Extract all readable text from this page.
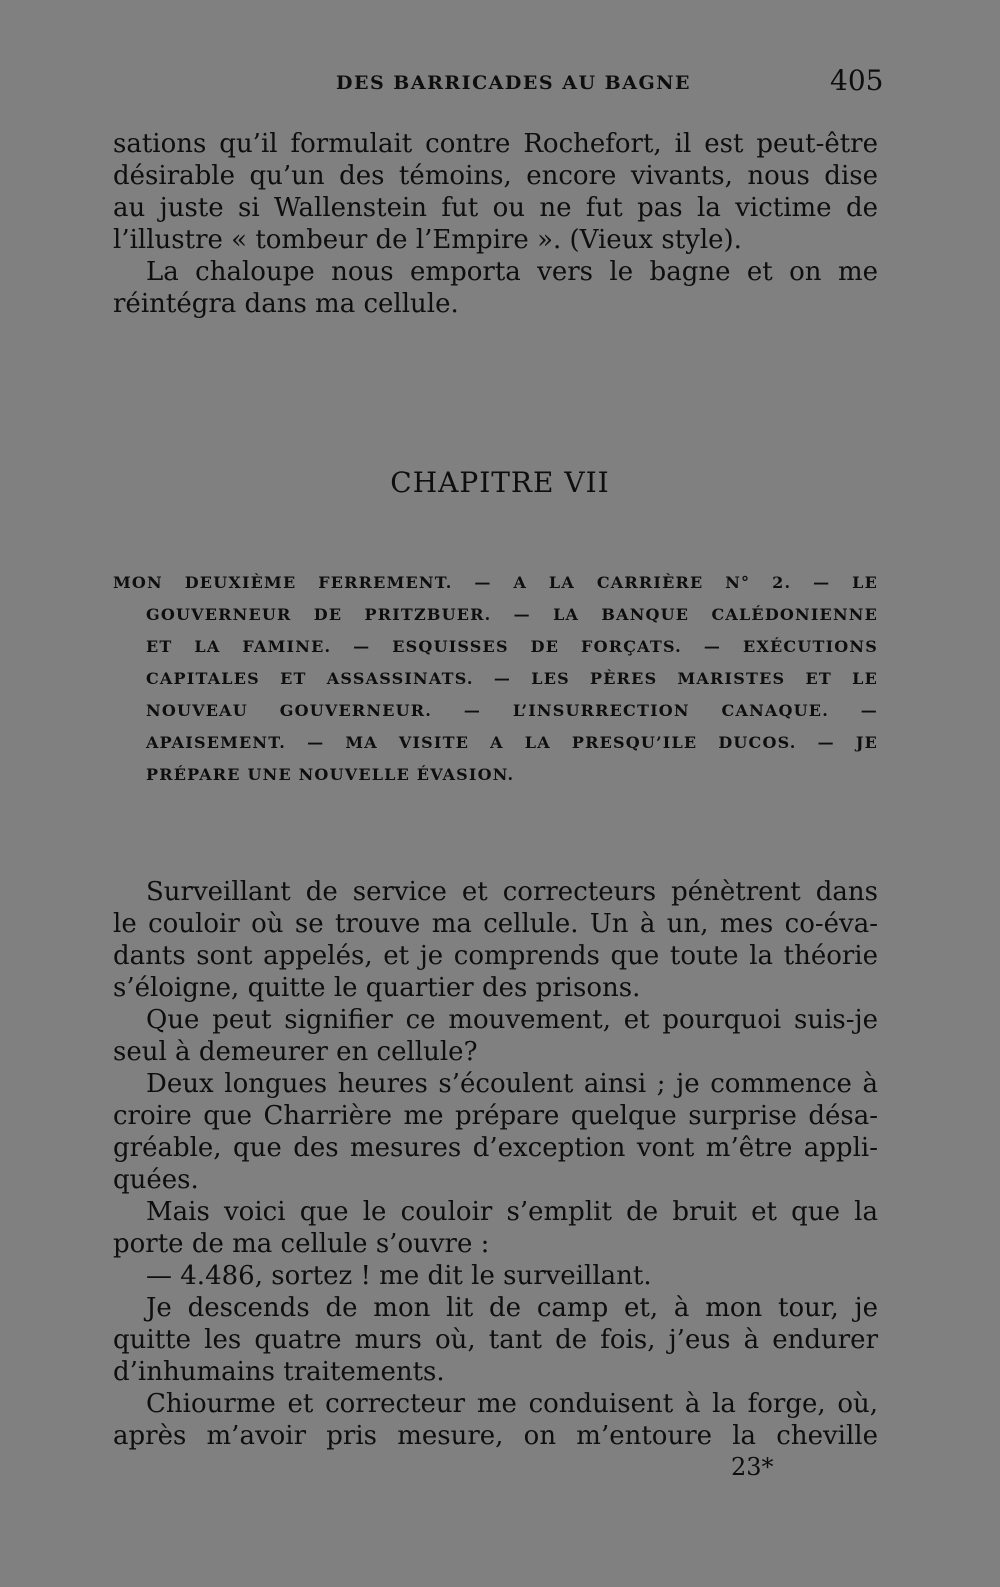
DES BARRICADES AU BAGNE	405
sations qu’il formulait contre Rochefort, il est peut-être
désirable qu’un des témoins, encore vivants, nous dise
au juste si Wallenstein fut ou ne fut pas la victime de
l’illustre « tombeur de l’Empire ». (Vieux style).
La chaloupe nous emporta vers le bagne et on me
réintégra dans ma cellule.
CHAPITRE VII
MON DEUXIÈME FERREMENT. — A LA CARRIÈRE N° 2. — LE
GOUVERNEUR DE PRITZBUER. — LA BANQUE CALÉDONIENNE
ET LA FAMINE. — ESQUISSES DE FORÇATS. — EXÉCUTIONS
CAPITALES ET ASSASSINATS. — LES PÈRES MARISTES ET LE
NOUVEAU GOUVERNEUR. — L’INSURRECTION CANAQUE. —
APAISEMENT. — MA VISITE A LA PRESQU’ILE DUCOS. — JE
PRÉPARE UNE NOUVELLE ÉVASION.
Surveillant de service et correcteurs pénètrent dans
le couloir où se trouve ma cellule. Un à un, mes co-éva-
dants sont appelés, et je comprends que toute la théorie
s’éloigne, quitte le quartier des prisons.
Que peut signifier ce mouvement, et pourquoi suis-je
seul à demeurer en cellule?
Deux longues heures s’écoulent ainsi ; je commence à
croire que Charrière me prépare quelque surprise désa-
gréable, que des mesures d’exception vont m’être appli-
quées.
Mais voici que le couloir s’emplit de bruit et que la
porte de ma cellule s’ouvre :
— 4.486, sortez ! me dit le surveillant.
Je descends de mon lit de camp et, à mon tour, je
quitte les quatre murs où, tant de fois, j’eus à endurer
d’inhumains traitements.
Chiourme et correcteur me conduisent à la forge, où,
après m’avoir pris mesure, on m’entoure la cheville
23*
